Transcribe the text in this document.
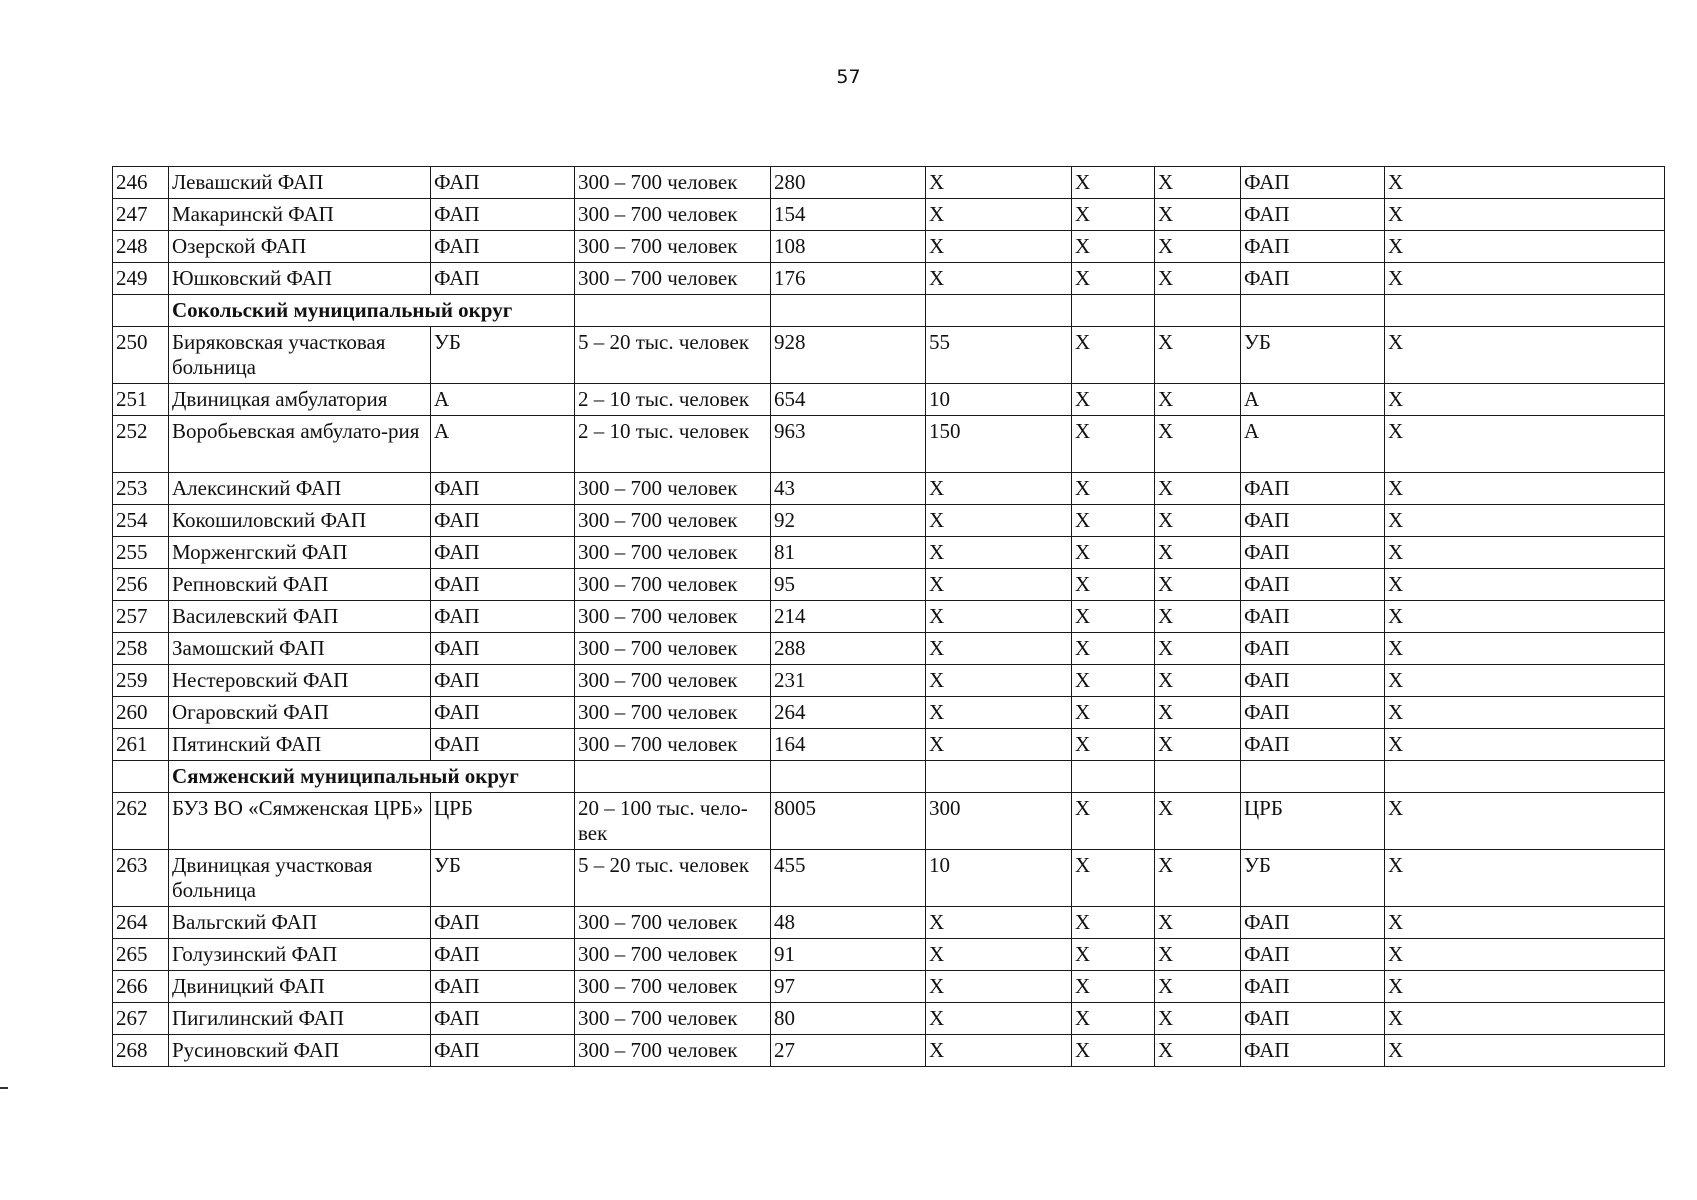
57
246	Левашский ФАП	ФАП	300 – 700 человек	280	X	X	X	ФАП	X
247	Макаринскй ФАП	ФАП	300 – 700 человек	154	X	X	X	ФАП	X
248	Озерской ФАП	ФАП	300 – 700 человек	108	X	X	X	ФАП	X
249	Юшковский ФАП	ФАП	300 – 700 человек	176	X	X	X	ФАП	X
	Сокольский муниципальный округ								
250	Биряковская участковая больница	УБ	5 – 20 тыс. человек	928	55	X	X	УБ	X
251	Двиницкая амбулатория	А	2 – 10 тыс. человек	654	10	X	X	А	X
252	Воробьевская амбулато-рия	А	2 – 10 тыс. человек	963	150	X	X	А	X
253	Алексинский ФАП	ФАП	300 – 700 человек	43	X	X	X	ФАП	X
254	Кокошиловский ФАП	ФАП	300 – 700 человек	92	X	X	X	ФАП	X
255	Морженгский ФАП	ФАП	300 – 700 человек	81	X	X	X	ФАП	X
256	Репновский ФАП	ФАП	300 – 700 человек	95	X	X	X	ФАП	X
257	Василевский ФАП	ФАП	300 – 700 человек	214	X	X	X	ФАП	X
258	Замошский ФАП	ФАП	300 – 700 человек	288	X	X	X	ФАП	X
259	Нестеровский ФАП	ФАП	300 – 700 человек	231	X	X	X	ФАП	X
260	Огаровский ФАП	ФАП	300 – 700 человек	264	X	X	X	ФАП	X
261	Пятинский ФАП	ФАП	300 – 700 человек	164	X	X	X	ФАП	X
	Сямженский муниципальный округ								
262	БУЗ ВО «Сямженская ЦРБ»	ЦРБ	20 – 100 тыс. чело-век	8005	300	X	X	ЦРБ	X
263	Двиницкая участковая больница	УБ	5 – 20 тыс. человек	455	10	X	X	УБ	X
264	Вальгский ФАП	ФАП	300 – 700 человек	48	X	X	X	ФАП	X
265	Голузинский ФАП	ФАП	300 – 700 человек	91	X	X	X	ФАП	X
266	Двиницкий ФАП	ФАП	300 – 700 человек	97	X	X	X	ФАП	X
267	Пигилинский ФАП	ФАП	300 – 700 человек	80	X	X	X	ФАП	X
268	Русиновский ФАП	ФАП	300 – 700 человек	27	X	X	X	ФАП	X
